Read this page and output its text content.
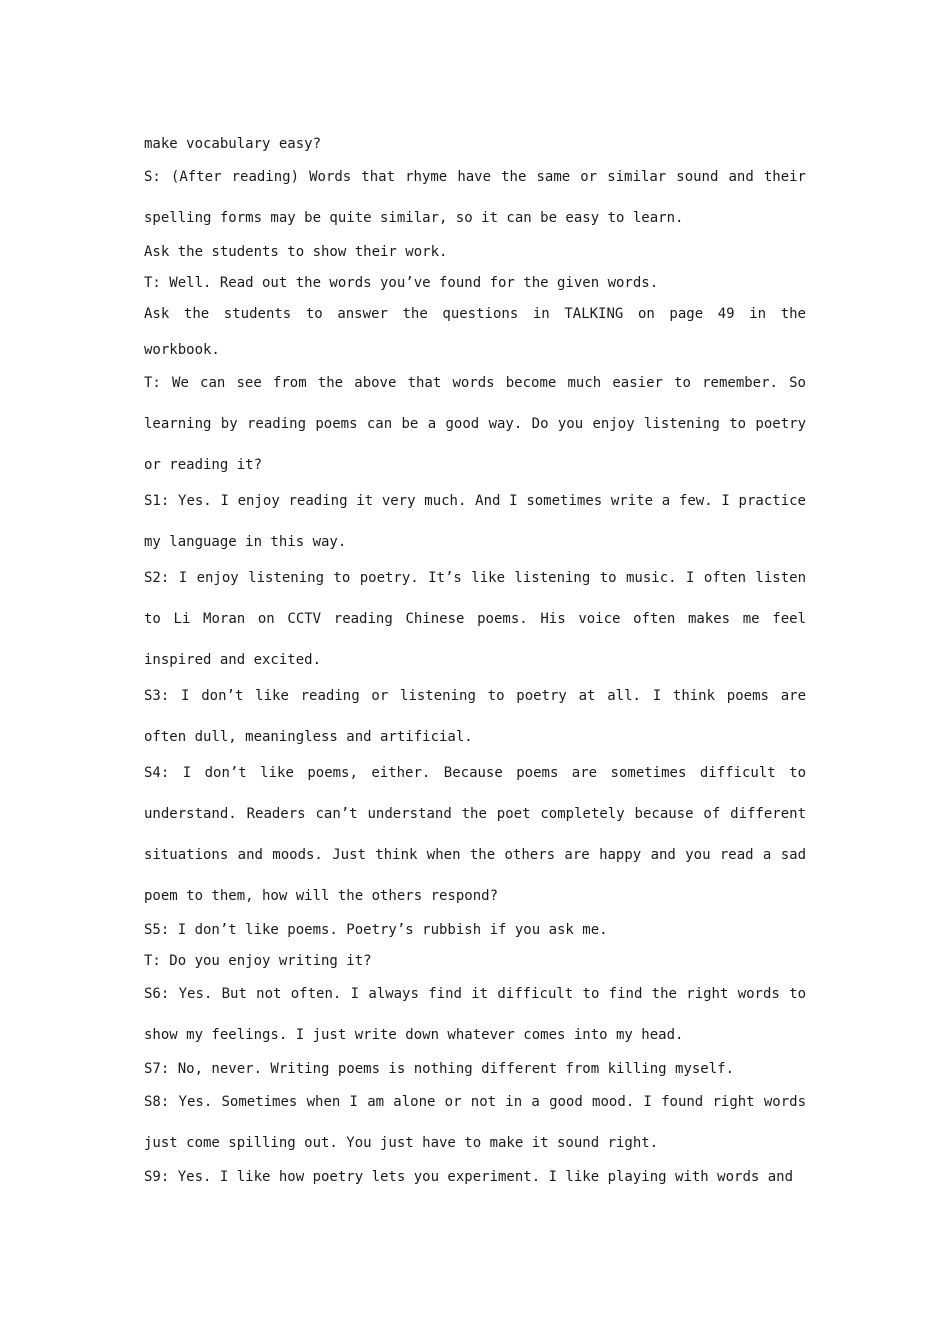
make vocabulary easy?

S: (After reading) Words that rhyme have the same or similar sound and their spelling forms may be quite similar, so it can be easy to learn.

Ask the students to show their work.

T: Well. Read out the words you’ve found for the given words.

Ask the students to answer the questions in TALKING on page 49 in the workbook.

T: We can see from the above that words become much easier to remember. So learning by reading poems can be a good way. Do you enjoy listening to poetry or reading it?

S1: Yes. I enjoy reading it very much. And I sometimes write a few. I practice my language in this way.

S2: I enjoy listening to poetry. It’s like listening to music. I often listen to Li Moran on CCTV reading Chinese poems. His voice often makes me feel inspired and excited.

S3: I don’t like reading or listening to poetry at all. I think poems are often dull, meaningless and artificial.

S4: I don’t like poems, either. Because poems are sometimes difficult to understand. Readers can’t understand the poet completely because of different situations and moods. Just think when the others are happy and you read a sad poem to them, how will the others respond?

S5: I don’t like poems. Poetry’s rubbish if you ask me.

T: Do you enjoy writing it?

S6: Yes. But not often. I always find it difficult to find the right words to show my feelings. I just write down whatever comes into my head.

S7: No, never. Writing poems is nothing different from killing myself.

S8: Yes. Sometimes when I am alone or not in a good mood. I found right words just come spilling out. You just have to make it sound right.

S9: Yes. I like how poetry lets you experiment. I like playing with words and
